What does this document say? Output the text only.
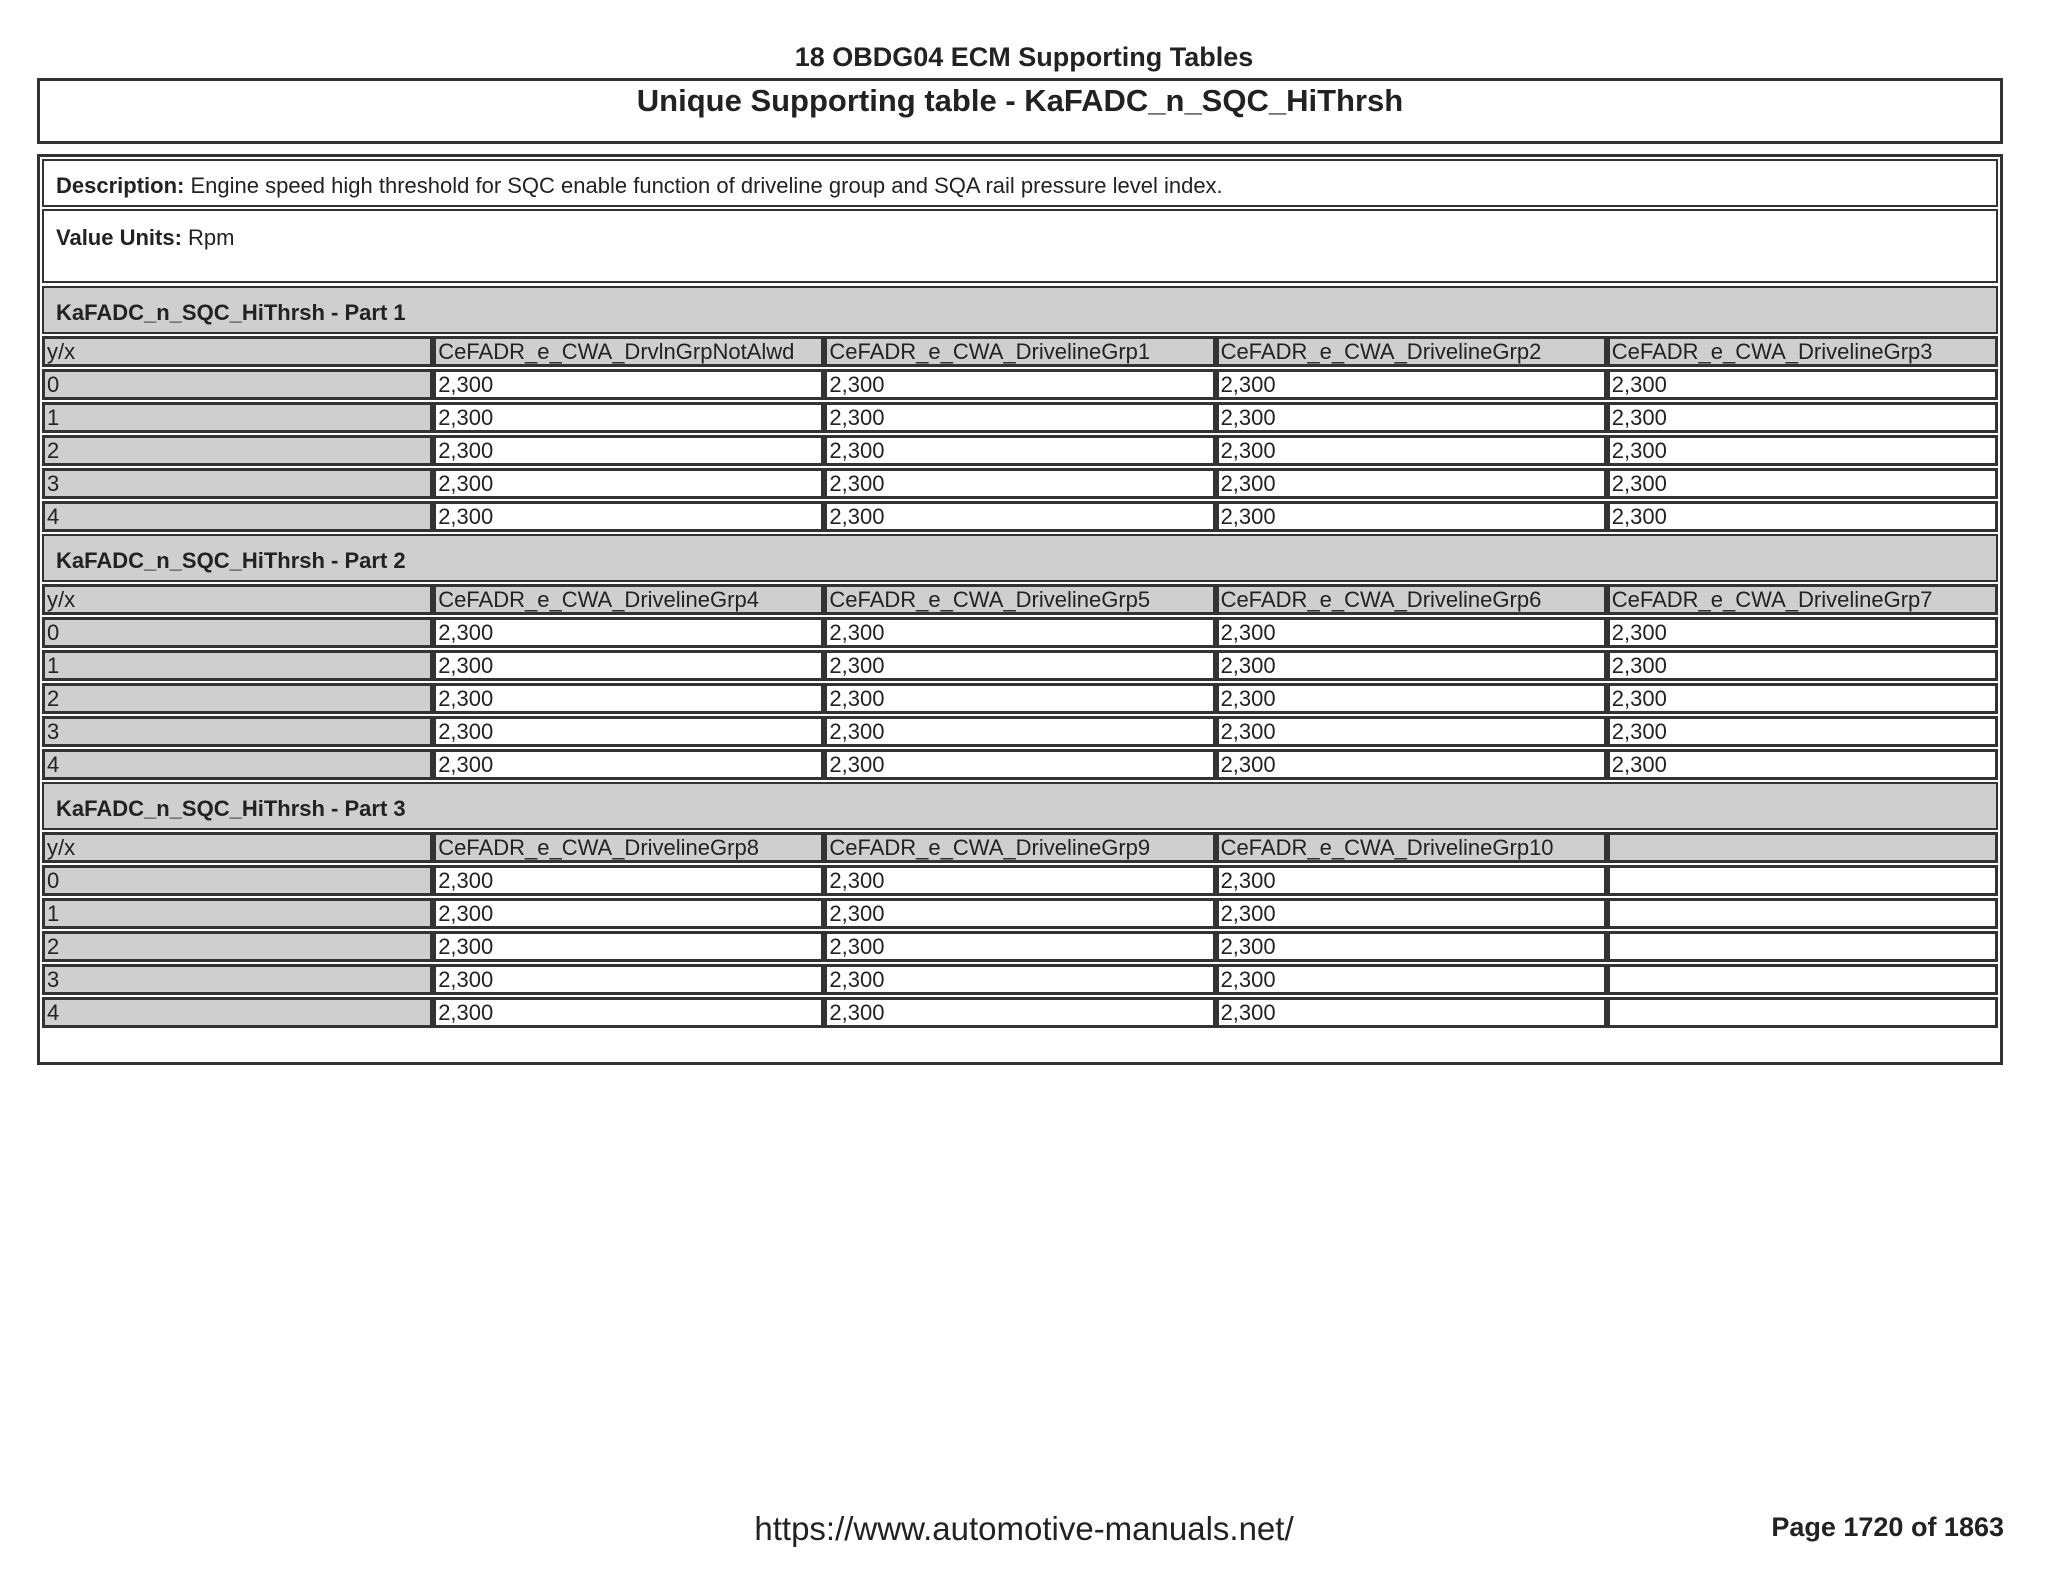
18 OBDG04 ECM Supporting Tables
Unique Supporting table - KaFADC_n_SQC_HiThrsh
Description: Engine speed high threshold for SQC enable function of driveline group and SQA rail pressure level index.
Value Units: Rpm
KaFADC_n_SQC_HiThrsh - Part 1
y/x	CeFADR_e_CWA_DrvlnGrpNotAlwd	CeFADR_e_CWA_DrivelineGrp1	CeFADR_e_CWA_DrivelineGrp2	CeFADR_e_CWA_DrivelineGrp3
0	2,300	2,300	2,300	2,300
1	2,300	2,300	2,300	2,300
2	2,300	2,300	2,300	2,300
3	2,300	2,300	2,300	2,300
4	2,300	2,300	2,300	2,300
KaFADC_n_SQC_HiThrsh - Part 2
y/x	CeFADR_e_CWA_DrivelineGrp4	CeFADR_e_CWA_DrivelineGrp5	CeFADR_e_CWA_DrivelineGrp6	CeFADR_e_CWA_DrivelineGrp7
0	2,300	2,300	2,300	2,300
1	2,300	2,300	2,300	2,300
2	2,300	2,300	2,300	2,300
3	2,300	2,300	2,300	2,300
4	2,300	2,300	2,300	2,300
KaFADC_n_SQC_HiThrsh - Part 3
y/x	CeFADR_e_CWA_DrivelineGrp8	CeFADR_e_CWA_DrivelineGrp9	CeFADR_e_CWA_DrivelineGrp10	
0	2,300	2,300	2,300	
1	2,300	2,300	2,300	
2	2,300	2,300	2,300	
3	2,300	2,300	2,300	
4	2,300	2,300	2,300	
https://www.automotive-manuals.net/	Page 1720 of 1863
